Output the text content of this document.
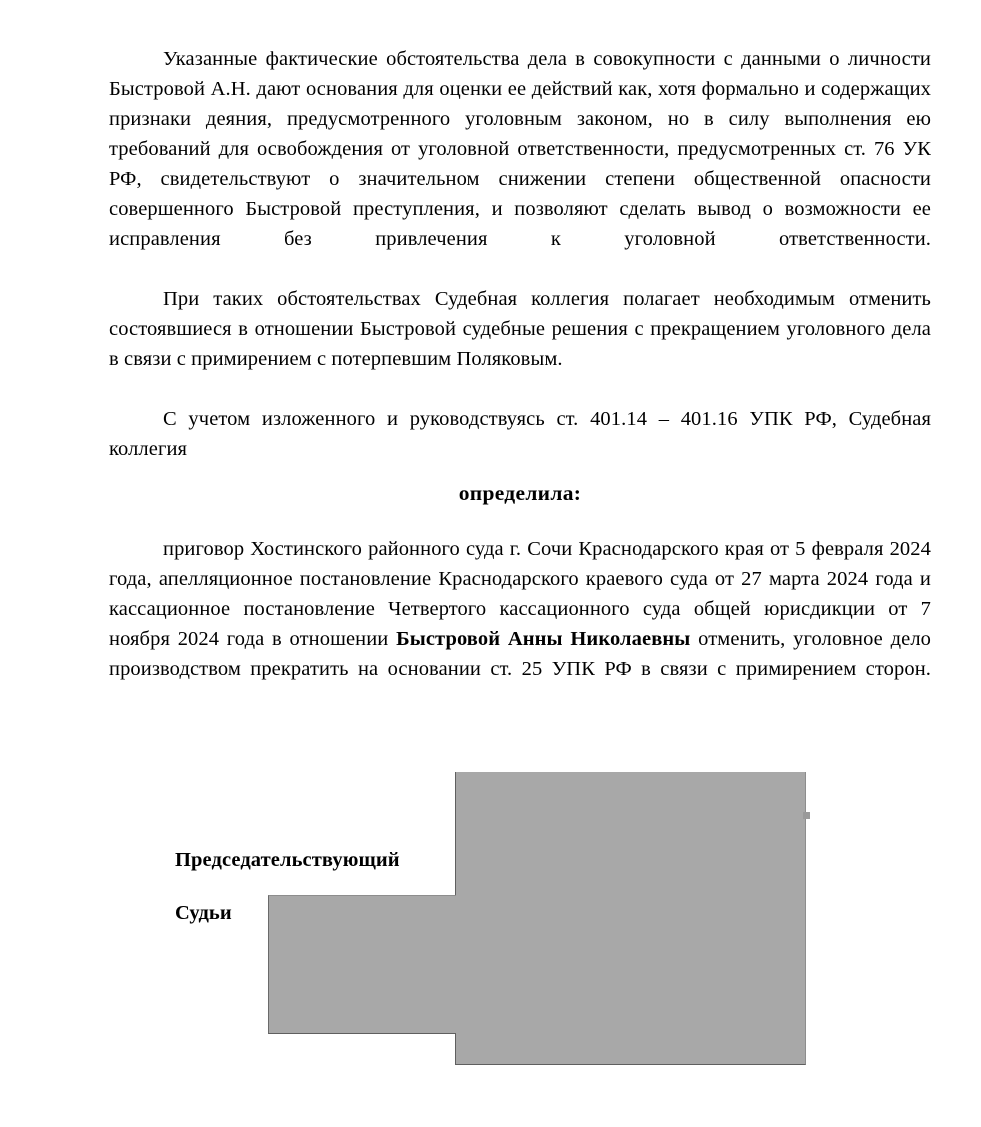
Указанные фактические обстоятельства дела в совокупности с данными о личности Быстровой А.Н. дают основания для оценки ее действий как, хотя формально и содержащих признаки деяния, предусмотренного уголовным законом, но в силу выполнения ею требований для освобождения от уголовной ответственности, предусмотренных ст. 76 УК РФ, свидетельствуют о значительном снижении степени общественной опасности совершенного Быстровой преступления, и позволяют сделать вывод о возможности ее исправления без привлечения к уголовной ответственности.

При таких обстоятельствах Судебная коллегия полагает необходимым отменить состоявшиеся в отношении Быстровой судебные решения с прекращением уголовного дела в связи с примирением с потерпевшим Поляковым.

С учетом изложенного и руководствуясь ст. 401.14 – 401.16 УПК РФ, Судебная коллегия

определила:

приговор Хостинского районного суда г. Сочи Краснодарского края от 5 февраля 2024 года, апелляционное постановление Краснодарского краевого суда от 27 марта 2024 года и кассационное постановление Четвертого кассационного суда общей юрисдикции от 7 ноября 2024 года в отношении Быстровой Анны Николаевны отменить, уголовное дело производством прекратить на основании ст. 25 УПК РФ в связи с примирением сторон.

Председательствующий
Судьи
